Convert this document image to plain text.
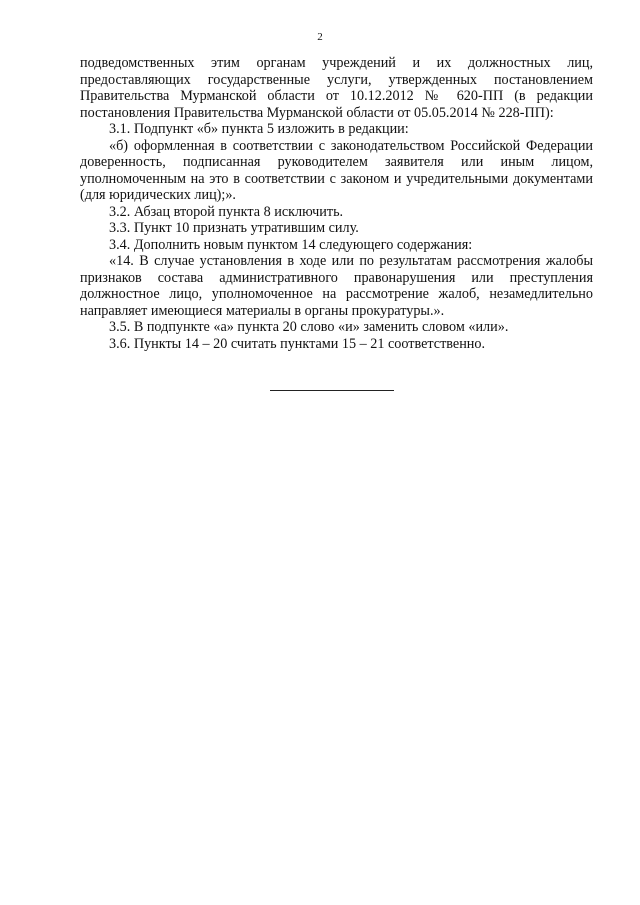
2

подведомственных этим органам учреждений и их должностных лиц, предоставляющих государственные услуги, утвержденных постановлением Правительства Мурманской области от 10.12.2012 № 620-ПП (в редакции постановления Правительства Мурманской области от 05.05.2014 № 228-ПП):

3.1. Подпункт «б» пункта 5 изложить в редакции:

«б) оформленная в соответствии с законодательством Российской Федерации доверенность, подписанная руководителем заявителя или иным лицом, уполномоченным на это в соответствии с законом и учредительными документами (для юридических лиц);».

3.2. Абзац второй пункта 8 исключить.

3.3. Пункт 10 признать утратившим силу.

3.4. Дополнить новым пунктом 14 следующего содержания:

«14. В случае установления в ходе или по результатам рассмотрения жалобы признаков состава административного правонарушения или преступления должностное лицо, уполномоченное на рассмотрение жалоб, незамедлительно направляет имеющиеся материалы в органы прокуратуры.».

3.5. В подпункте «а» пункта 20 слово «и» заменить словом «или».

3.6. Пункты 14 – 20 считать пунктами 15 – 21 соответственно.
